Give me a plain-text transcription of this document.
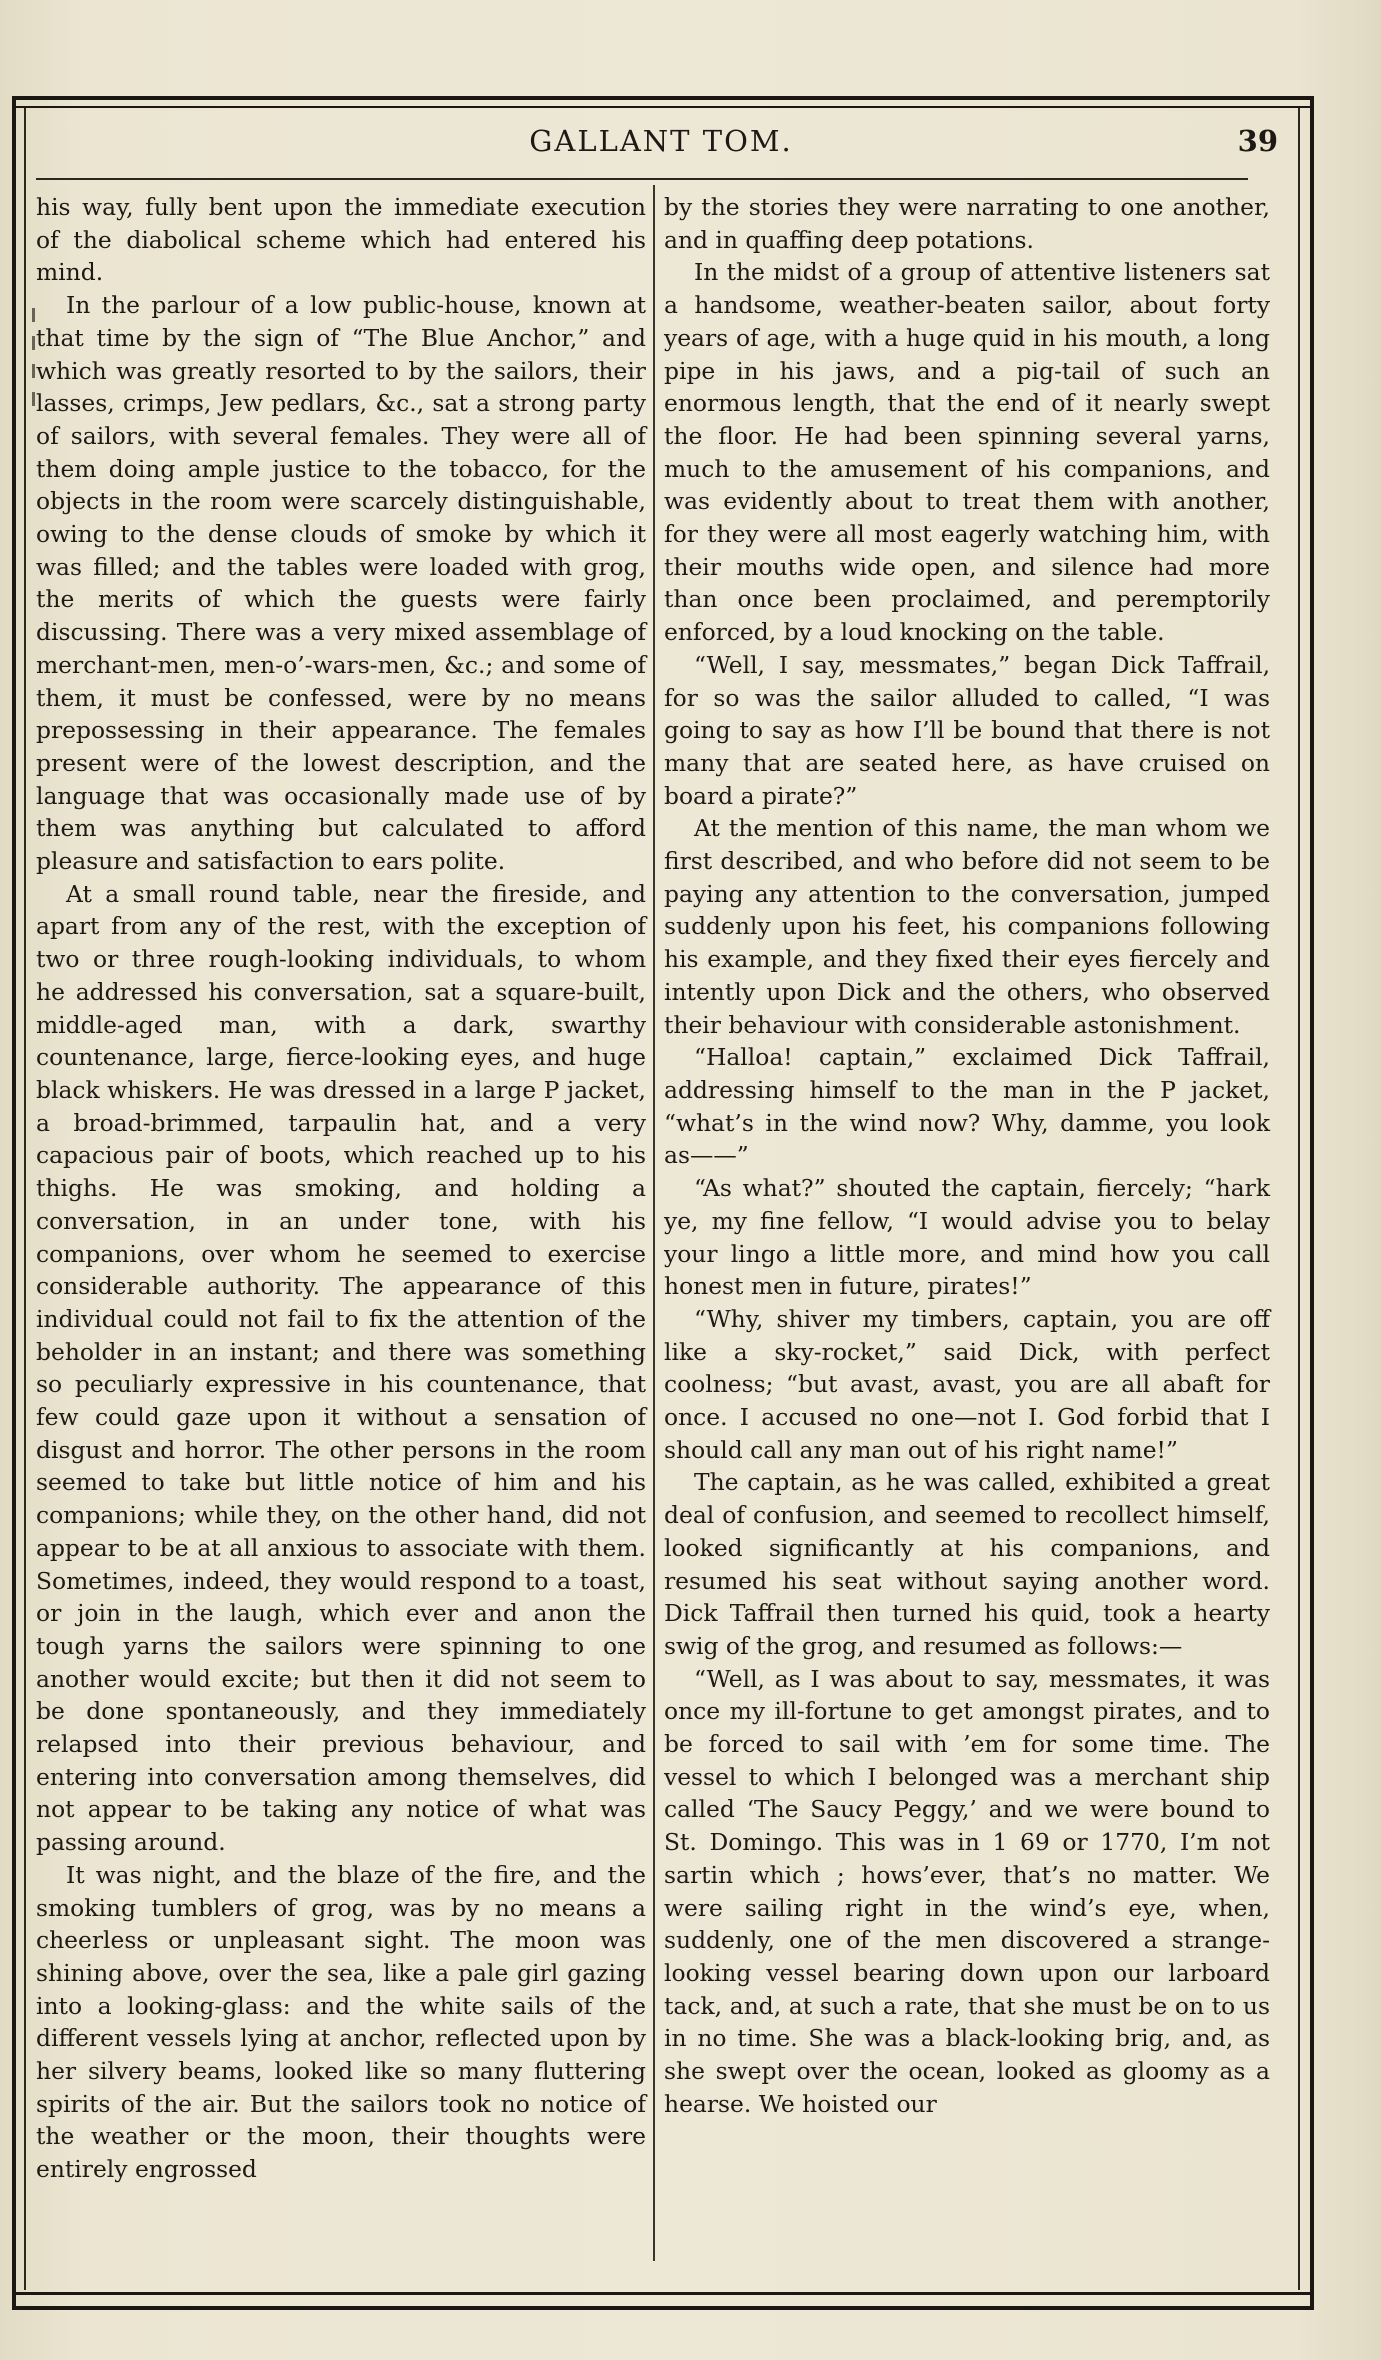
GALLANT TOM.	39

his way, fully bent upon the immediate execution of the diabolical scheme which had entered his mind.

In the parlour of a low public-house, known at that time by the sign of “The Blue Anchor,” and which was greatly resorted to by the sailors, their lasses, crimps, Jew pedlars, &c., sat a strong party of sailors, with several females. They were all of them doing ample justice to the tobacco, for the objects in the room were scarcely distinguishable, owing to the dense clouds of smoke by which it was filled; and the tables were loaded with grog, the merits of which the guests were fairly discussing. There was a very mixed assemblage of merchant-men, men-o’-wars-men, &c.; and some of them, it must be confessed, were by no means prepossessing in their appearance. The females present were of the lowest description, and the language that was occasionally made use of by them was anything but calculated to afford pleasure and satisfaction to ears polite.

At a small round table, near the fireside, and apart from any of the rest, with the exception of two or three rough-looking individuals, to whom he addressed his conversation, sat a square-built, middle-aged man, with a dark, swarthy countenance, large, fierce-looking eyes, and huge black whiskers. He was dressed in a large P jacket, a broad-brimmed, tarpaulin hat, and a very capacious pair of boots, which reached up to his thighs. He was smoking, and holding a conversation, in an under tone, with his companions, over whom he seemed to exercise considerable authority. The appearance of this individual could not fail to fix the attention of the beholder in an instant; and there was something so peculiarly expressive in his countenance, that few could gaze upon it without a sensation of disgust and horror. The other persons in the room seemed to take but little notice of him and his companions; while they, on the other hand, did not appear to be at all anxious to associate with them. Sometimes, indeed, they would respond to a toast, or join in the laugh, which ever and anon the tough yarns the sailors were spinning to one another would excite; but then it did not seem to be done spontaneously, and they immediately relapsed into their previous behaviour, and entering into conversation among themselves, did not appear to be taking any notice of what was passing around.

It was night, and the blaze of the fire, and the smoking tumblers of grog, was by no means a cheerless or unpleasant sight. The moon was shining above, over the sea, like a pale girl gazing into a looking-glass: and the white sails of the different vessels lying at anchor, reflected upon by her silvery beams, looked like so many fluttering spirits of the air. But the sailors took no notice of the weather or the moon, their thoughts were entirely engrossed

by the stories they were narrating to one another, and in quaffing deep potations.

In the midst of a group of attentive listeners sat a handsome, weather-beaten sailor, about forty years of age, with a huge quid in his mouth, a long pipe in his jaws, and a pig-tail of such an enormous length, that the end of it nearly swept the floor. He had been spinning several yarns, much to the amusement of his companions, and was evidently about to treat them with another, for they were all most eagerly watching him, with their mouths wide open, and silence had more than once been proclaimed, and peremptorily enforced, by a loud knocking on the table.

“Well, I say, messmates,” began Dick Taffrail, for so was the sailor alluded to called, “I was going to say as how I’ll be bound that there is not many that are seated here, as have cruised on board a pirate?”

At the mention of this name, the man whom we first described, and who before did not seem to be paying any attention to the conversation, jumped suddenly upon his feet, his companions following his example, and they fixed their eyes fiercely and intently upon Dick and the others, who observed their behaviour with considerable astonishment.

“Halloa! captain,” exclaimed Dick Taffrail, addressing himself to the man in the P jacket, “what’s in the wind now? Why, damme, you look as——”

“As what?” shouted the captain, fiercely; “hark ye, my fine fellow, “I would advise you to belay your lingo a little more, and mind how you call honest men in future, pirates!”

“Why, shiver my timbers, captain, you are off like a sky-rocket,” said Dick, with perfect coolness; “but avast, avast, you are all abaft for once. I accused no one—not I. God forbid that I should call any man out of his right name!”

The captain, as he was called, exhibited a great deal of confusion, and seemed to recollect himself, looked significantly at his companions, and resumed his seat without saying another word. Dick Taffrail then turned his quid, took a hearty swig of the grog, and resumed as follows:—

“Well, as I was about to say, messmates, it was once my ill-fortune to get amongst pirates, and to be forced to sail with ’em for some time. The vessel to which I belonged was a merchant ship called ‘The Saucy Peggy,’ and we were bound to St. Domingo. This was in 1 69 or 1770, I’m not sartin which ; hows’ever, that’s no matter. We were sailing right in the wind’s eye, when, suddenly, one of the men discovered a strange-looking vessel bearing down upon our larboard tack, and, at such a rate, that she must be on to us in no time. She was a black-looking brig, and, as she swept over the ocean, looked as gloomy as a hearse. We hoisted our
